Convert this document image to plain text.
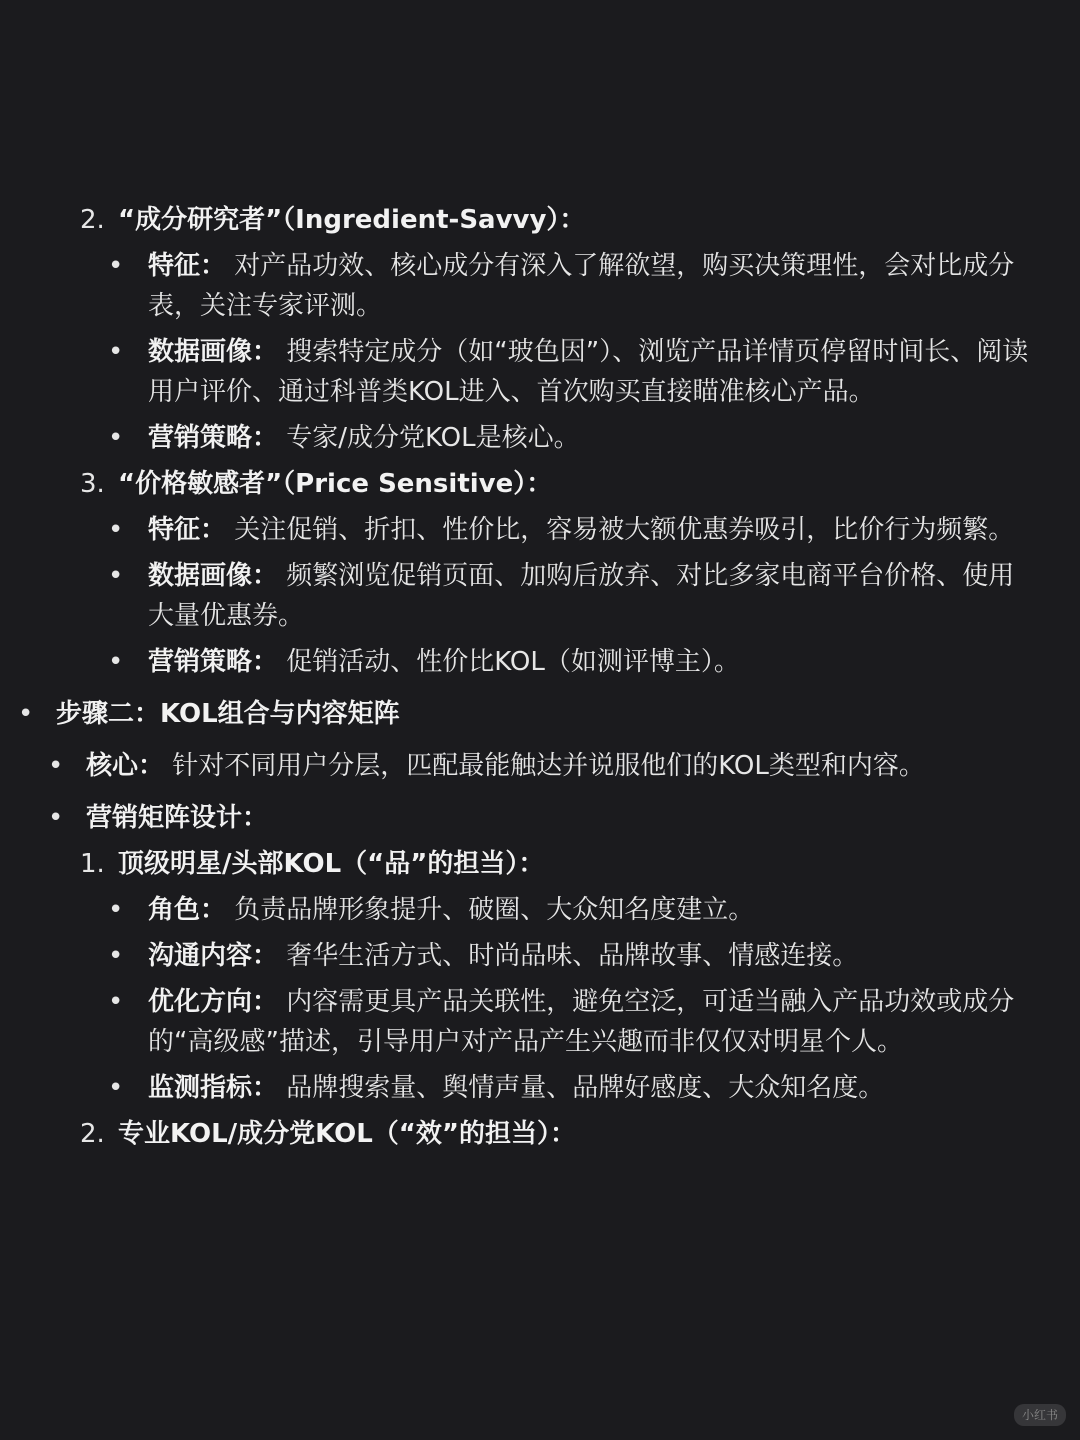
2. “成分研究者”（Ingredient-Savvy）：
• 特征： 对产品功效、核心成分有深入了解欲望，购买决策理性，会对比成分表，关注专家评测。
• 数据画像： 搜索特定成分（如“玻色因”）、浏览产品详情页停留时间长、阅读用户评价、通过科普类KOL进入、首次购买直接瞄准核心产品。
• 营销策略： 专家/成分党KOL是核心。
3. “价格敏感者”（Price Sensitive）：
• 特征： 关注促销、折扣、性价比，容易被大额优惠券吸引，比价行为频繁。
• 数据画像： 频繁浏览促销页面、加购后放弃、对比多家电商平台价格、使用大量优惠券。
• 营销策略： 促销活动、性价比KOL（如测评博主）。
• 步骤二：KOL组合与内容矩阵
• 核心： 针对不同用户分层，匹配最能触达并说服他们的KOL类型和内容。
• 营销矩阵设计：
1. 顶级明星/头部KOL（“品”的担当）：
• 角色： 负责品牌形象提升、破圈、大众知名度建立。
• 沟通内容： 奢华生活方式、时尚品味、品牌故事、情感连接。
• 优化方向： 内容需更具产品关联性，避免空泛，可适当融入产品功效或成分的“高级感”描述，引导用户对产品产生兴趣而非仅仅对明星个人。
• 监测指标： 品牌搜索量、舆情声量、品牌好感度、大众知名度。
2. 专业KOL/成分党KOL（“效”的担当）：
小红书
